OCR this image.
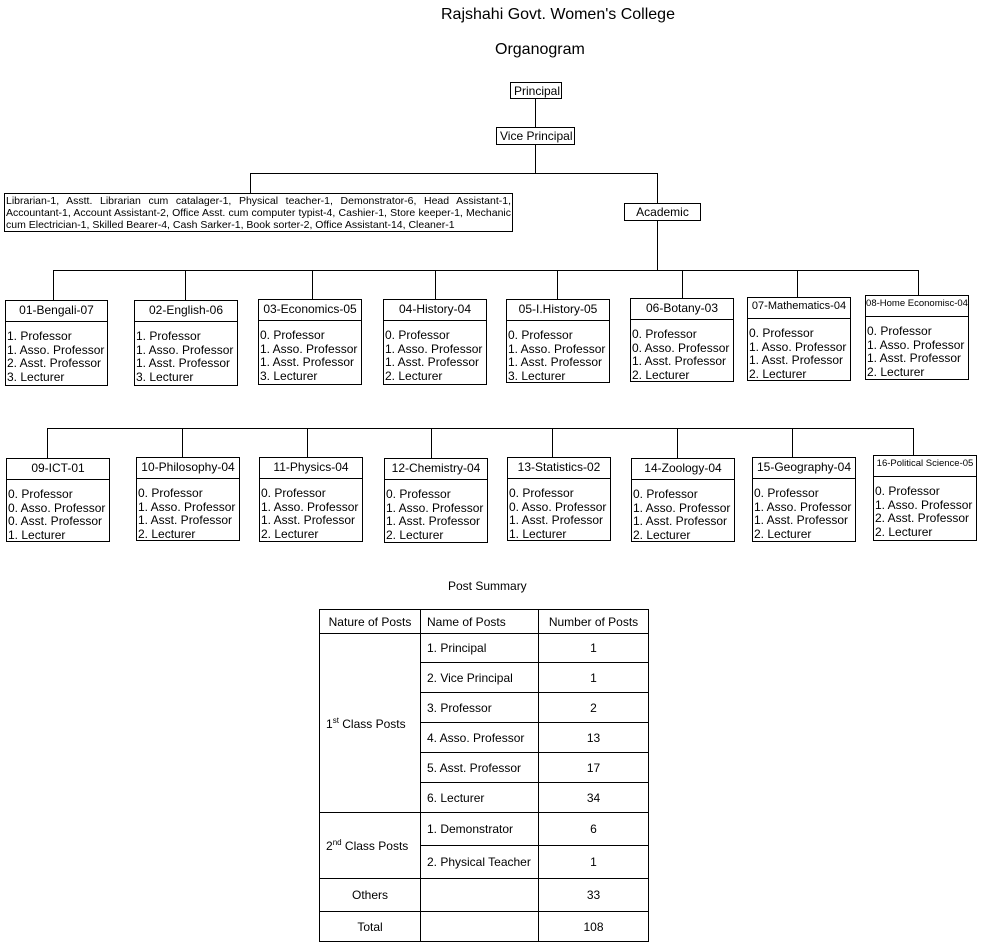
Rajshahi Govt. Women's College
Organogram
Principal
Vice Principal
Librarian-1, Asstt. Librarian cum catalager-1, Physical teacher-1, Demonstrator-6, Head Assistant-1, Accountant-1, Account Assistant-2, Office Asst. cum computer typist-4, Cashier-1, Store keeper-1, Mechanic cum Electrician-1, Skilled Bearer-4, Cash Sarker-1, Book sorter-2, Office Assistant-14, Cleaner-1
Academic
01-Bengali-07
1. Professor
1. Asso. Professor
2. Asst. Professor
3. Lecturer
02-English-06
1. Professor
1. Asso. Professor
1. Asst. Professor
3. Lecturer
03-Economics-05
0. Professor
1. Asso. Professor
1. Asst. Professor
3. Lecturer
04-History-04
0. Professor
1. Asso. Professor
1. Asst. Professor
2. Lecturer
05-I.History-05
0. Professor
1. Asso. Professor
1. Asst. Professor
3. Lecturer
06-Botany-03
0. Professor
0. Asso. Professor
1. Asst. Professor
2. Lecturer
07-Mathematics-04
0. Professor
1. Asso. Professor
1. Asst. Professor
2. Lecturer
08-Home Economisc-04
0. Professor
1. Asso. Professor
1. Asst. Professor
2. Lecturer
09-ICT-01
0. Professor
0. Asso. Professor
0. Asst. Professor
1. Lecturer
10-Philosophy-04
0. Professor
1. Asso. Professor
1. Asst. Professor
2. Lecturer
11-Physics-04
0. Professor
1. Asso. Professor
1. Asst. Professor
2. Lecturer
12-Chemistry-04
0. Professor
1. Asso. Professor
1. Asst. Professor
2. Lecturer
13-Statistics-02
0. Professor
0. Asso. Professor
1. Asst. Professor
1. Lecturer
14-Zoology-04
0. Professor
1. Asso. Professor
1. Asst. Professor
2. Lecturer
15-Geography-04
0. Professor
1. Asso. Professor
1. Asst. Professor
2. Lecturer
16-Political Science-05
0. Professor
1. Asso. Professor
2. Asst. Professor
2. Lecturer
Post Summary
Nature of Posts	Name of Posts	Number of Posts
1st Class Posts	1. Principal	1
	2. Vice Principal	1
	3. Professor	2
	4. Asso. Professor	13
	5. Asst. Professor	17
	6. Lecturer	34
2nd Class Posts	1. Demonstrator	6
	2. Physical Teacher	1
Others		33
Total		108
